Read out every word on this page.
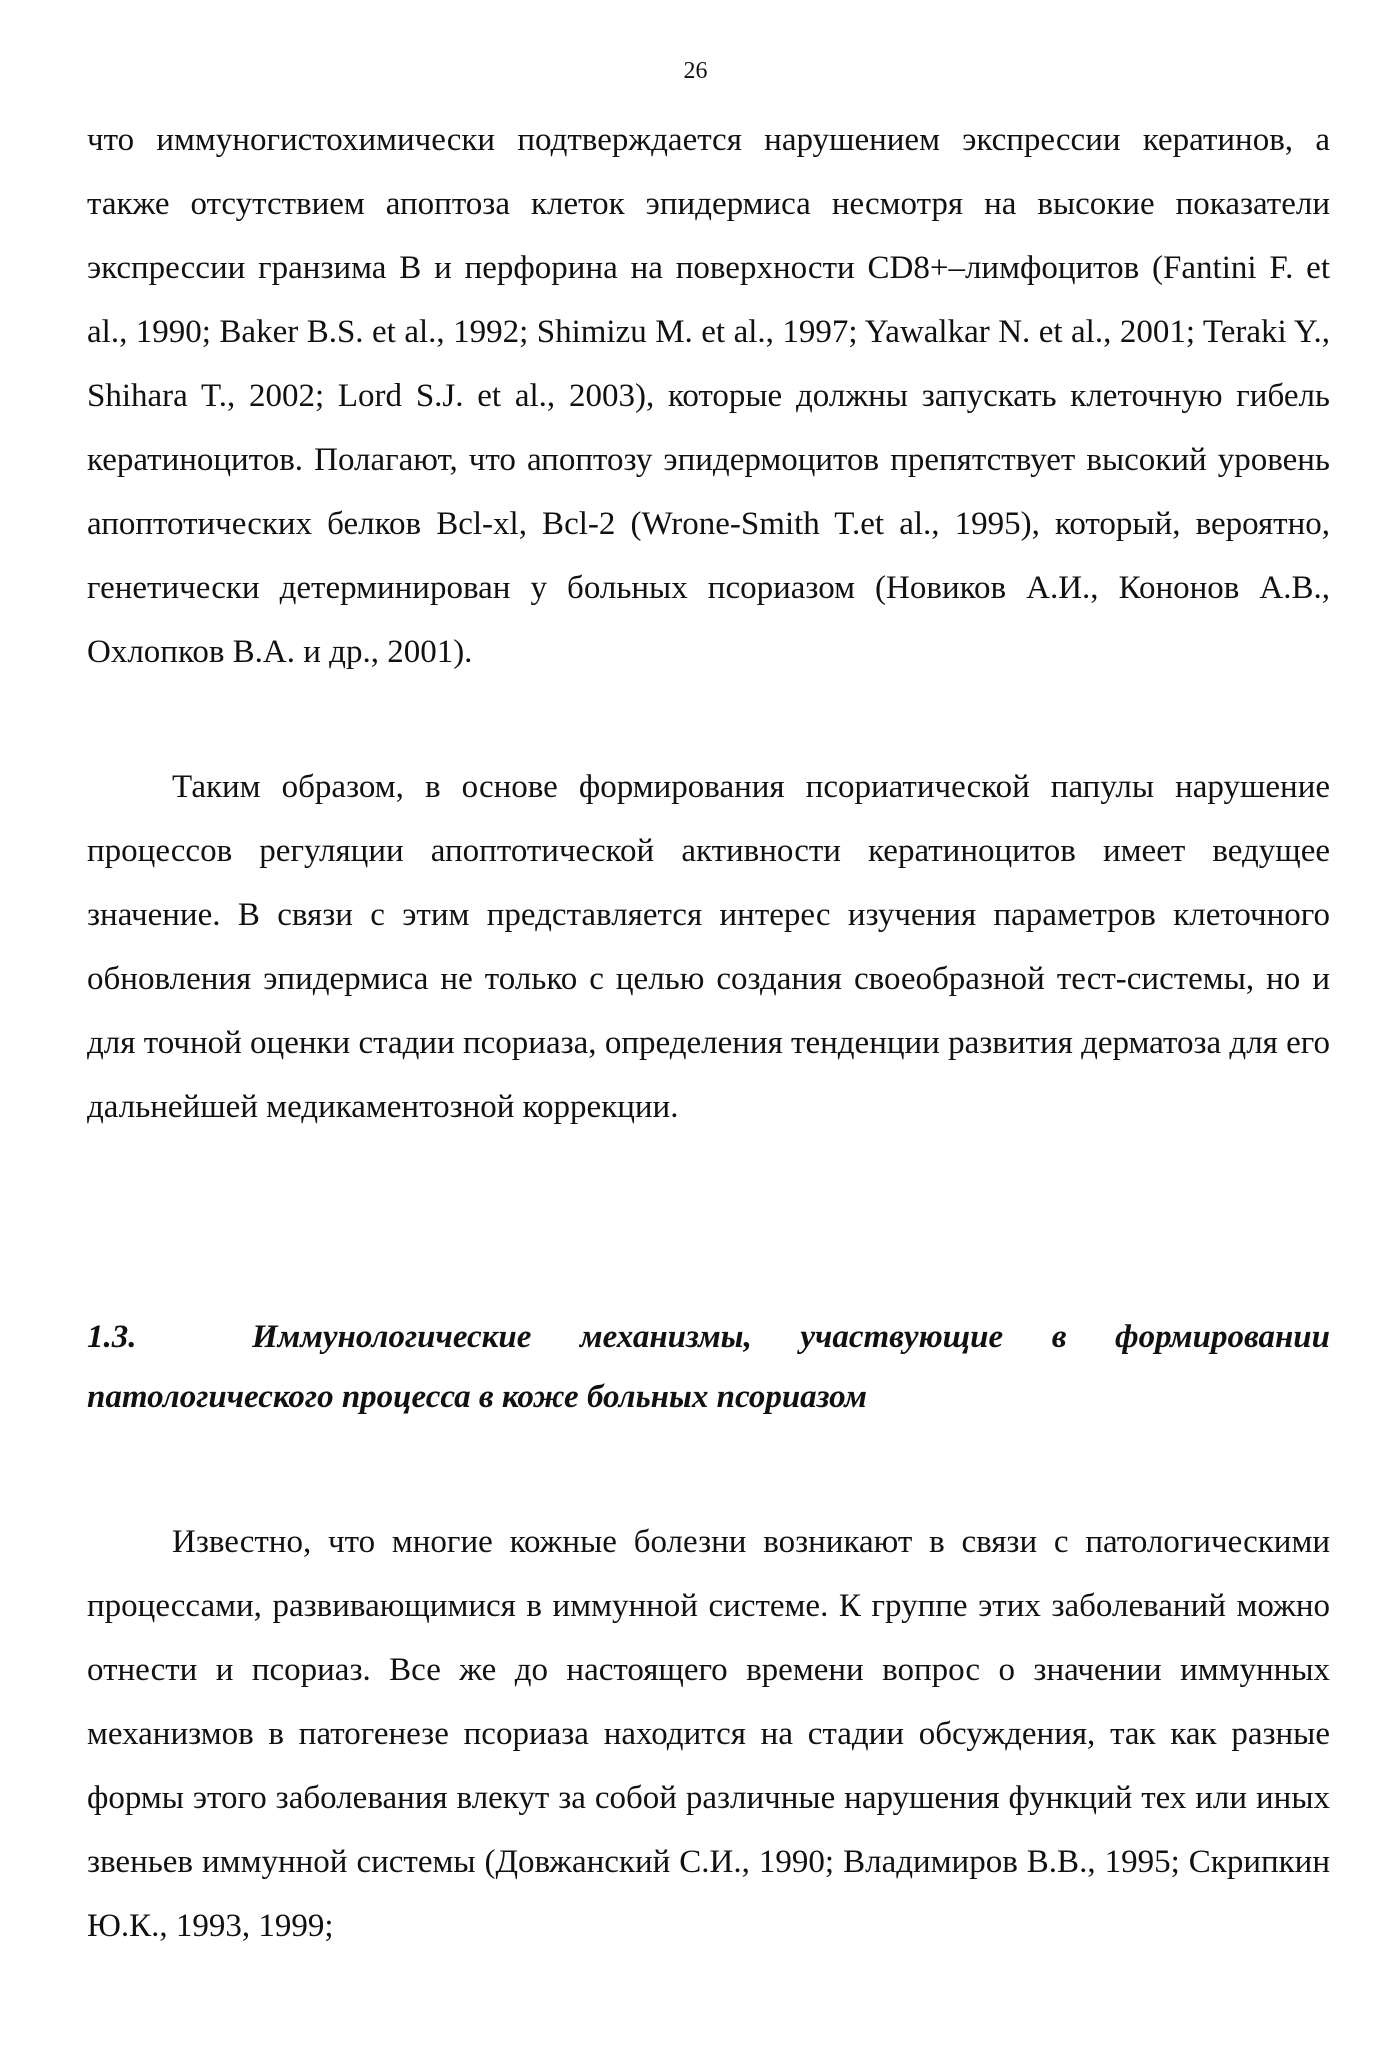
26

что иммуногистохимически подтверждается нарушением экспрессии кератинов, а также отсутствием апоптоза клеток эпидермиса несмотря на высокие показатели экспрессии гранзима В и перфорина на поверхности CD8+–лимфоцитов (Fantini F. et al., 1990; Baker B.S. et al., 1992; Shimizu M. et al., 1997; Yawalkar N. et al., 2001; Teraki Y., Shihara T., 2002; Lord S.J. et al., 2003), которые должны запускать клеточную гибель кератиноцитов. Полагают, что апоптозу эпидермоцитов препятствует высокий уровень апоптотических белков Bcl-xl, Bcl-2 (Wrone-Smith T.et al., 1995), который, вероятно, генетически детерминирован у больных псориазом (Новиков А.И., Кононов А.В., Охлопков В.А. и др., 2001).

Таким образом, в основе формирования псориатической папулы нарушение процессов регуляции апоптотической активности кератиноцитов имеет ведущее значение. В связи с этим представляется интерес изучения параметров клеточного обновления эпидермиса не только с целью создания своеобразной тест-системы, но и для точной оценки стадии псориаза, определения тенденции развития дерматоза для его дальнейшей медикаментозной коррекции.

1.3.	Иммунологические механизмы, участвующие в формировании патологического процесса в коже больных псориазом

Известно, что многие кожные болезни возникают в связи с патологическими процессами, развивающимися в иммунной системе. К группе этих заболеваний можно отнести и псориаз. Все же до настоящего времени вопрос о значении иммунных механизмов в патогенезе псориаза находится на стадии обсуждения, так как разные формы этого заболевания влекут за собой различные нарушения функций тех или иных звеньев иммунной системы (Довжанский С.И., 1990; Владимиров В.В., 1995; Скрипкин Ю.К., 1993, 1999;
